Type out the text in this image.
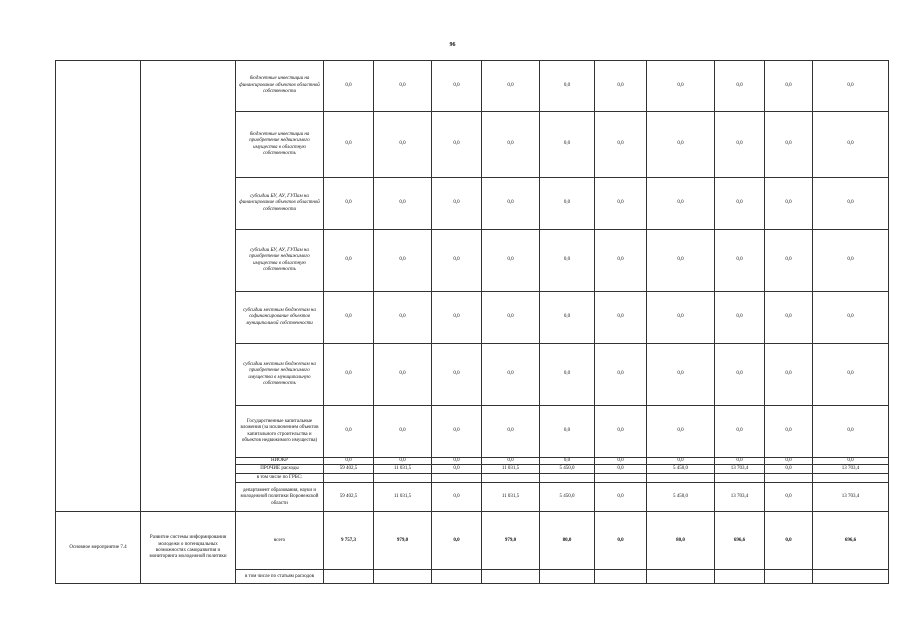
96
		бюджетные инвестиции на финансирование объектов областной собственности	0,0	0,0	0,0	0,0	0,0	0,0	0,0	0,0	0,0	0,0
		бюджетные инвестиции на приобретение недвижимого имущества в областную собственность	0,0	0,0	0,0	0,0	0,0	0,0	0,0	0,0	0,0	0,0
		субсидии БУ, АУ, ГУПам на финансирование объектов областной собственности	0,0	0,0	0,0	0,0	0,0	0,0	0,0	0,0	0,0	0,0
		субсидии БУ, АУ, ГУПам на приобретение недвижимого имущества в областную собственность	0,0	0,0	0,0	0,0	0,0	0,0	0,0	0,0	0,0	0,0
		субсидии местным бюджетам на софинансирование объектов муниципальной собственности	0,0	0,0	0,0	0,0	0,0	0,0	0,0	0,0	0,0	0,0
		субсидии местным бюджетам на приобретение недвижимого имущества в муниципальную собственность	0,0	0,0	0,0	0,0	0,0	0,0	0,0	0,0	0,0	0,0
		Государственные капитальные вложения (за исключением объектов капитального строительства и объектов недвижимого имущества)	0,0	0,0	0,0	0,0	0,0	0,0	0,0	0,0	0,0	0,0
		НИОКР	0,0	0,0	0,0	0,0	0,0	0,0	0,0	0,0	0,0	0,0
		ПРОЧИЕ расходы	59 402,5	11 031,5	0,0	11 031,5	5 450,0	0,0	5 450,0	13 703,4	0,0	13 703,4
		в том числе по ГРБС:										
		департамент образования, науки и молодежной политики Воронежской области	59 402,5	11 031,5	0,0	11 031,5	5 450,0	0,0	5 450,0	13 703,4	0,0	13 703,4
Основное мероприятие 7.4	Развитие системы информирования молодежи о потенциальных возможностях саморазвития и мониторинга молодежной политики	всего	9 757,3	979,0	0,0	979,0	80,0	0,0	80,0	696,6	0,0	696,6
		в том числе по статьям расходов										
